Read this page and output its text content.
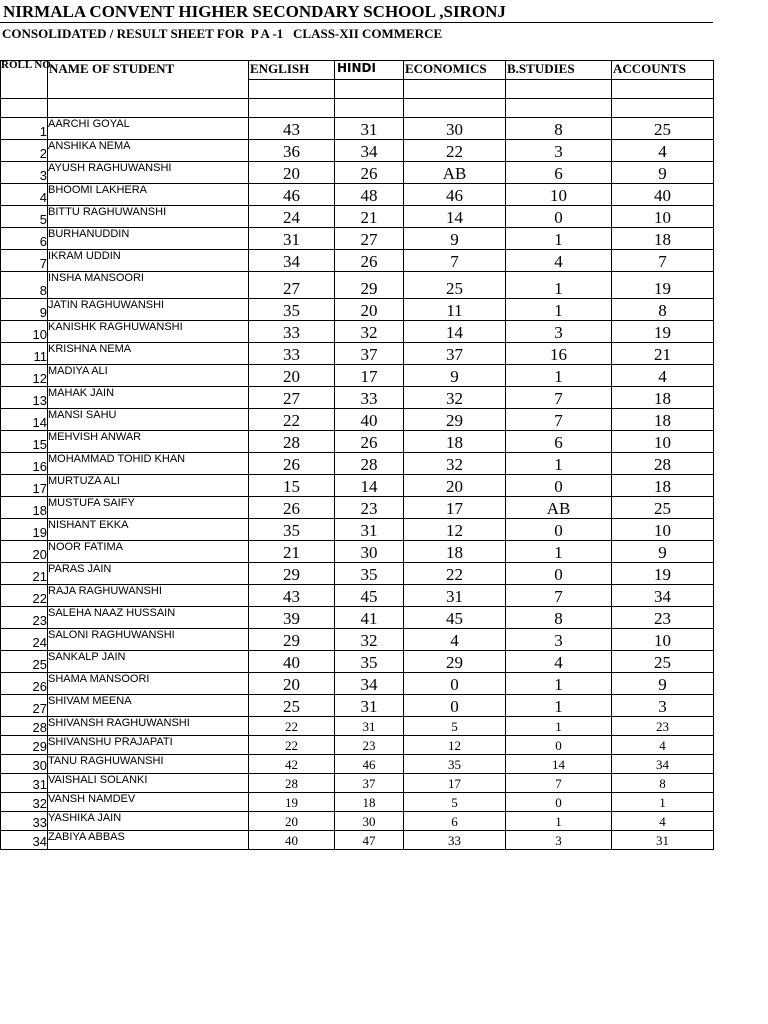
NIRMALA CONVENT HIGHER SECONDARY SCHOOL ,SIRONJ
CONSOLIDATED / RESULT SHEET FOR  P A -1   CLASS-XII COMMERCE
ROLL NO.	NAME OF STUDENT	ENGLISH	HINDI	ECONOMICS	B.STUDIES	ACCOUNTS

1	AARCHI GOYAL	43	31	30	8	25
2	ANSHIKA NEMA	36	34	22	3	4
3	AYUSH RAGHUWANSHI	20	26	AB	6	9
4	BHOOMI LAKHERA	46	48	46	10	40
5	BITTU RAGHUWANSHI	24	21	14	0	10
6	BURHANUDDIN	31	27	9	1	18
7	IKRAM UDDIN	34	26	7	4	7
8	INSHA MANSOORI	27	29	25	1	19
9	JATIN RAGHUWANSHI	35	20	11	1	8
10	KANISHK RAGHUWANSHI	33	32	14	3	19
11	KRISHNA NEMA	33	37	37	16	21
12	MADIYA ALI	20	17	9	1	4
13	MAHAK JAIN	27	33	32	7	18
14	MANSI SAHU	22	40	29	7	18
15	MEHVISH ANWAR	28	26	18	6	10
16	MOHAMMAD TOHID KHAN	26	28	32	1	28
17	MURTUZA ALI	15	14	20	0	18
18	MUSTUFA SAIFY	26	23	17	AB	25
19	NISHANT EKKA	35	31	12	0	10
20	NOOR FATIMA	21	30	18	1	9
21	PARAS JAIN	29	35	22	0	19
22	RAJA RAGHUWANSHI	43	45	31	7	34
23	SALEHA NAAZ HUSSAIN	39	41	45	8	23
24	SALONI RAGHUWANSHI	29	32	4	3	10
25	SANKALP JAIN	40	35	29	4	25
26	SHAMA MANSOORI	20	34	0	1	9
27	SHIVAM MEENA	25	31	0	1	3
28	SHIVANSH RAGHUWANSHI	22	31	5	1	23
29	SHIVANSHU PRAJAPATI	22	23	12	0	4
30	TANU RAGHUWANSHI	42	46	35	14	34
31	VAISHALI SOLANKI	28	37	17	7	8
32	VANSH NAMDEV	19	18	5	0	1
33	YASHIKA JAIN	20	30	6	1	4
34	ZABIYA ABBAS	40	47	33	3	31
